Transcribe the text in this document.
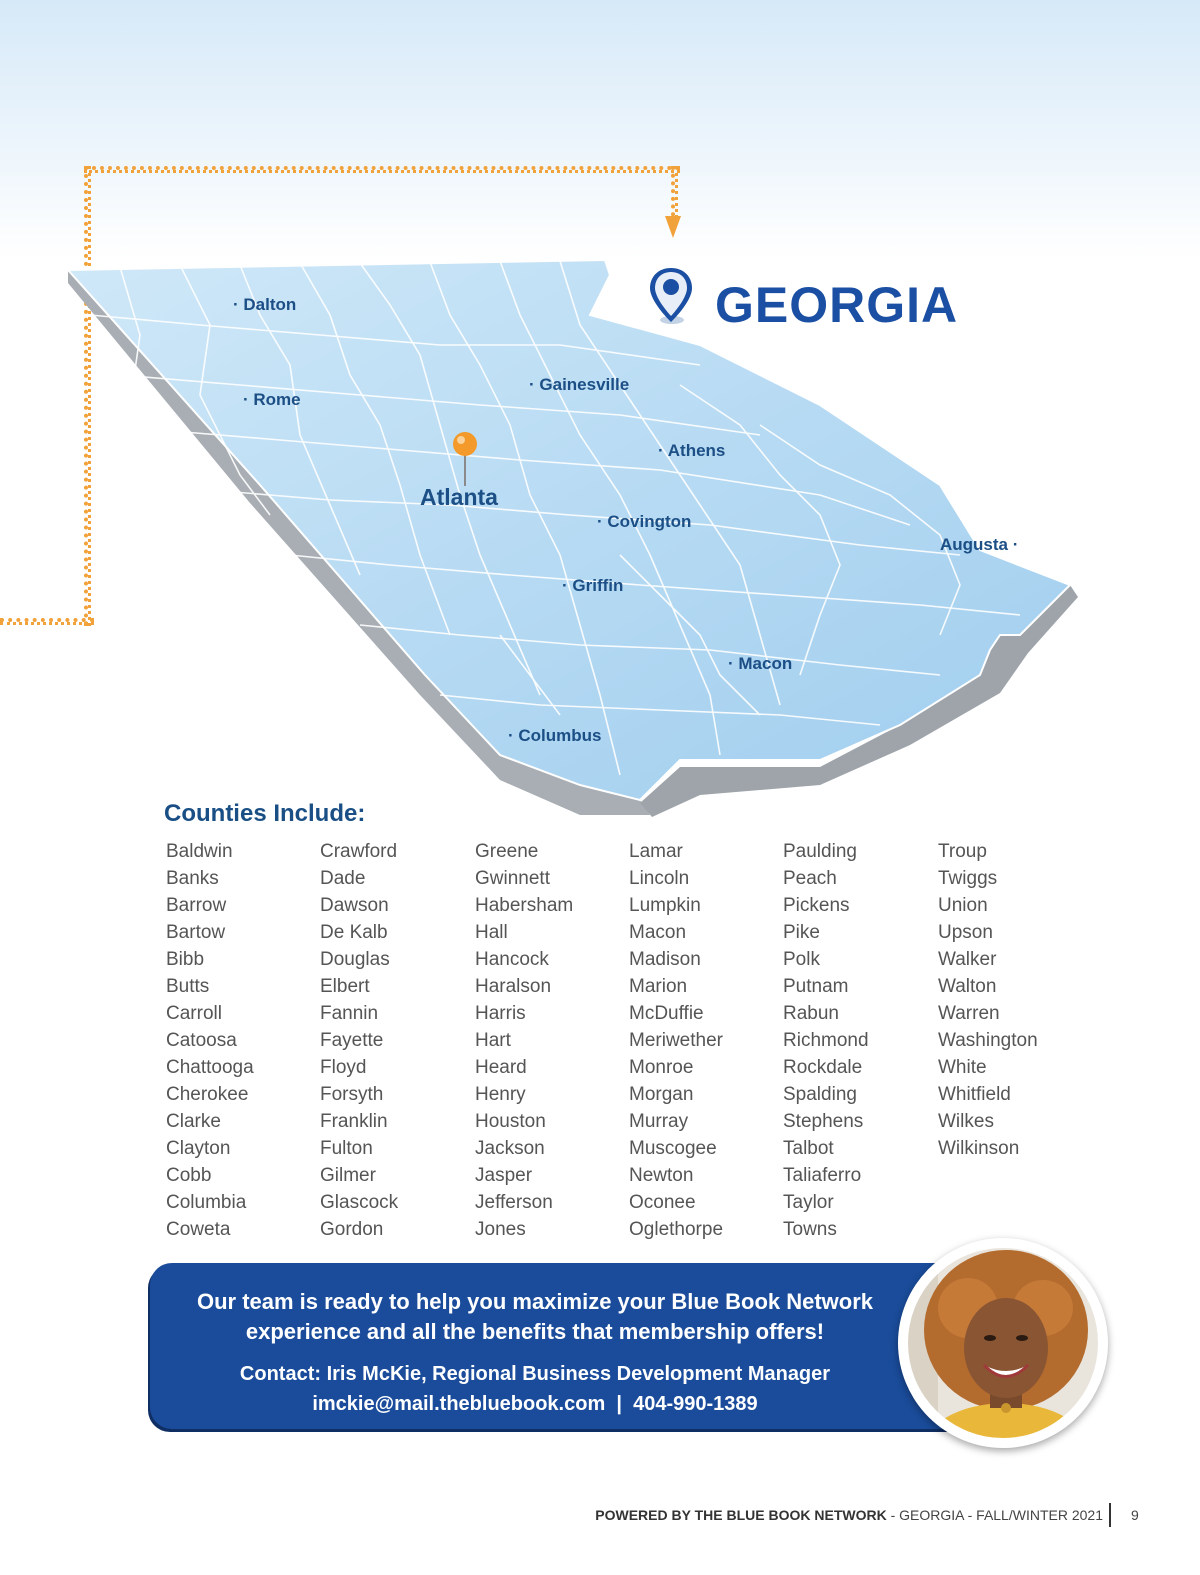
· Dalton
· Rome
· Gainesville
· Athens
Atlanta
· Covington
Augusta ·
· Griffin
· Macon
· Columbus
GEORGIA
Counties Include:
Baldwin
Banks
Barrow
Bartow
Bibb
Butts
Carroll
Catoosa
Chattooga
Cherokee
Clarke
Clayton
Cobb
Columbia
Coweta
Crawford
Dade
Dawson
De Kalb
Douglas
Elbert
Fannin
Fayette
Floyd
Forsyth
Franklin
Fulton
Gilmer
Glascock
Gordon
Greene
Gwinnett
Habersham
Hall
Hancock
Haralson
Harris
Hart
Heard
Henry
Houston
Jackson
Jasper
Jefferson
Jones
Lamar
Lincoln
Lumpkin
Macon
Madison
Marion
McDuffie
Meriwether
Monroe
Morgan
Murray
Muscogee
Newton
Oconee
Oglethorpe
Paulding
Peach
Pickens
Pike
Polk
Putnam
Rabun
Richmond
Rockdale
Spalding
Stephens
Talbot
Taliaferro
Taylor
Towns
Troup
Twiggs
Union
Upson
Walker
Walton
Warren
Washington
White
Whitfield
Wilkes
Wilkinson
Our team is ready to help you maximize your Blue Book Network
experience and all the benefits that membership offers!
Contact: Iris McKie, Regional Business Development Manager
imckie@mail.thebluebook.com | 404-990-1389
POWERED BY THE BLUE BOOK NETWORK - GEORGIA - FALL/WINTER 2021 9
